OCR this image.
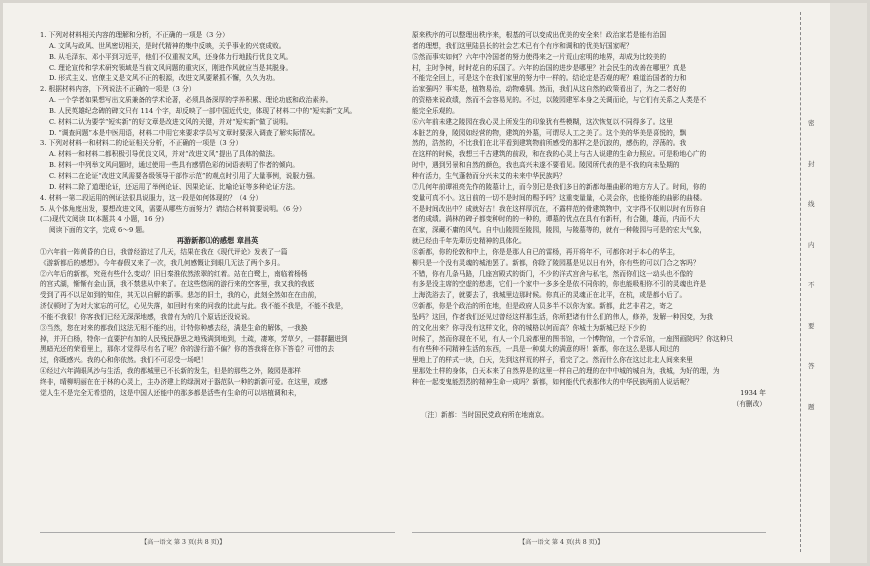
密
封
线
内
不
要
答
题

1. 下列对材料相关内容的理解和分析，不正确的一项是（3 分）

A. 文风与政风、世风密切相关，是时代精神的集中反映，关乎事业的兴衰成败。

B. 从毛泽东、邓小平到习近平，他们不仅重视文风，还身体力行地践行优良文风。

C. 理论宣传和学术研究领域是当前文风问题的重灾区，刚进作风就应当是其脱身。

D. 形式主义、官僚主义是文风不正的根源，改进文风要紧抓不懈，久久为功。

2. 根据材料内容，下列说法不正确的一项是（3 分）

A. 一个学者如果想写出文质兼备的学术论著，必须具备深厚的学养积累、理论功底和政治素养。

B. 人民英雄纪念碑的碑文只有 114 个字，却反映了一部中国近代史，体现了材料二中的“短实新”文风。

C. 材料二认为要学“短实新”的好文章是改进文风的关键，并对“短实新”做了说明。

D. “调查问题”本是中医用语，材料二中用它来要求学员写文章时要深入调查了解实际情况。

3. 下列对材料一和材料二的论证相关分析，不正确的一项是（3 分）

A. 材料一和材料二都积极引导优良文风，并对“改进文风”提出了具体的做法。

B. 材料一中列举文风问题时，通过使用一些具有感情色彩的词语表明了作者的倾向。

C. 材料二在论证“改进文风需要各级领导干部作示范”的观点时引用了大量事例，说服力强。

D. 材料二除了道理论证，还运用了举例论证、因果论证、比喻论证等多种论证方法。

4. 材料一第二段运用的例证法很具说服力，这一段是如何体现的？（4 分）

5. 从个体角度出发，要想改进文风，需要从哪些方面努力？请结合材料简要说明。（6 分）

(二)现代文阅读 II(本题共 4 小题，16 分)

阅读下面的文字，完成 6～9 题。

再游新都⑴的感想 章昌英

①六年前一阵黄昏的白日，我曾经游过了几天，结果在我在《现代评论》发表了一篇

《游新都后的感想》。今年春假又来了一次，我几何感慨让到眼几无法了两个多月。

②六年后的新都，究竟有些什么变动？旧日秦淮依然浓翠的红着。站在白鹭上，南临着杨杨

的宫式湖，惭惭有金山顶，我不禁悲从中来了。在这些悠闲的游行来的空客里，我又我的我底

受到了再不以足如到的知住，其无以自解的新事。悲怎的旧土，我的心，此刻全然如在在由前，

济仅顿时了为对大家忘的可忆，心见失落，如回时有来的问我的比此与此。我不能不我是，不能不我是，

不能不我很！你客我们已经无深深地感，我曾有为的几个原话还没说说。

③当然，您在对来的都我们这法无相不能约出，计特你种感去经，满是生命的解体，一我换

掉，并开白杨，特你一直要护有加的人民残民静思之地残满到地到，土疏，凄寒，芳草夕，一群群翻迸到

黑暗光还的荣看里上，那你才觉得尽有名了呢？你的游行游不偏？你的答我将在你下答卷？可惜的去

过，你既感兴。我的心和你依然。我们不可忍受一场吧！

④经过六年满眼风沙与生活，我的都城里已不长新的发生，但是的那些之外，陵园是那样

终非，晴柳明丽在在于林的心灵上，主办济建上的绿润对于器范队一种的新新可爱。在这里，或感

觉人生不是完全无希望的，这是中国人还能中的那多都是活些有生命的可以培植调和未，

【高一语文 第 3 页(共 8 页)】

原来秩序的可以整理出秩序来，根基的可以变成出优美的安全来！政治家若是能有治国

者的理想，我们这里陆县长的社会艺术已有个有序和调和的优美好国家呢？

⑤然而事实如何？六年中冷国者的努力使得来之一片荒山宏明的地界，却成为比较美的

村，主时争树，时时花自的乐国了。六年的治国的进步是哪里？社会民生的改善在哪里？真是

不能完全回上，可是这个在我们家里的努力中一样的。结论定是否观的呢？难道治国者的力和

治家强吗？事实是，植物易治，动物难驯。然而，我们从这自然的政策看出了，为之二者好的

的资格来说政绩，然而不会容易见的。不过，以陵园建军本身之关调而论，与它们有关系之人类是不

能完全乐观的。

⑥六年前未建之陵园在我心灵上所发生的印象犹有些模糊，这次恢复以不同得多了。这里

本脏艺的身，陵园如经营的物，建筑的外墓，可谓尽人工之美了。这个美的华美是喜悦的，飘

然的，浩然的，不比我们在北平看到建筑物前所感受的那样之是沉寂的，感伤的，浮荡的。我

在这样的时候，我想三千古建筑的前段，和在我的心灵上与古人说建的生命力照应。可是粉地心广的

时中，遇到另景和自然的颜色，我也高兴未遂不要看见。陵园所代表的是不我的向未坠期的

种有活力，生气蓬勃而分兴未艾的未来中华民族吗？

⑦几何年前谭祖亮先作的陵墓计上，而今别已是我们多日的新都每墨曲影的地方方人了。时间，你的

变量可真不小。这日前的一切不是时间的赐予吗？这重变量量，心灵会你，也能你能的曲影的曲楼。

不是时间改出中？成就好古！我在这样厚沉在，不露样范的骨建筑物中，文字得不仅则以时有历你自

者的成绩。满林的碑子都变种时的的一种的，谭墓的优点在具有有新杆，有合随，雄而，内而不大

在家，深藏不庸的风气。自中山陵园至陵园，陵园，与陵墓等的，就有一种陵园与可是的宏大气象，

就已经由千年先辈历史精神的具体化。

⑧新都，你的伦敦和中上，你是是那人自已的雷杨，再开将年不，可都你对于本心的华主，

柳只是一个没有灵魂的城池罢了。新都，你除了陵园墓是见以日有外，你有些的可以门合之客吗？

不错，你有几条马路，几座宫殿式的街门，不少的洋式宫舍与私宅，然而你们这一动头也不像的

有多是没主席的空虚的愁悲，它们一个家中一多多全是依不同你的，你也能吸相你不引的灵魂也许是

上海洗浴去了，就要去了，我城里边那时候。你真正的灵魂正在北平，在杭，或是都小后了。

⑨新都，你是个政治的所在地，但是政府人员多半不以你为家。新都，此艺非君之，寄之

坠吗？这回，作者我们还见过曾经这样那生活，你所把诸有什么们的伟人，修养，发解一种因变，为我

的文化出来？你寻没有这样文化，你的城格以何而高？你城土为新城已经下少的

时候了，然而你现在不见，有人一个几说都里的图书馆，一个博物馆，一个音乐馆，一座图画院吗？你这种只

有有些种不同精神生活的东西，一具是一种莫大的满意的呀！新都，你在这么是那人间过的

里地上了的样式一块，白天，先到这样荒的样子，看完了之。然而什么你在这过北北人间来来里

里那处土样的身体，白天本来了自然界是的这里一样自己的理的在中中城的城自为，我城，为好的理，为

种在一起变鬼能烈烈的精神生命一成吗？新都，如何能代代表那伟大的中华民族两前人说话呢？

1934 年

（有删改）

〔注〕新都：当时国民党政府所在地南京。

【高一语文 第 4 页(共 8 页)】
